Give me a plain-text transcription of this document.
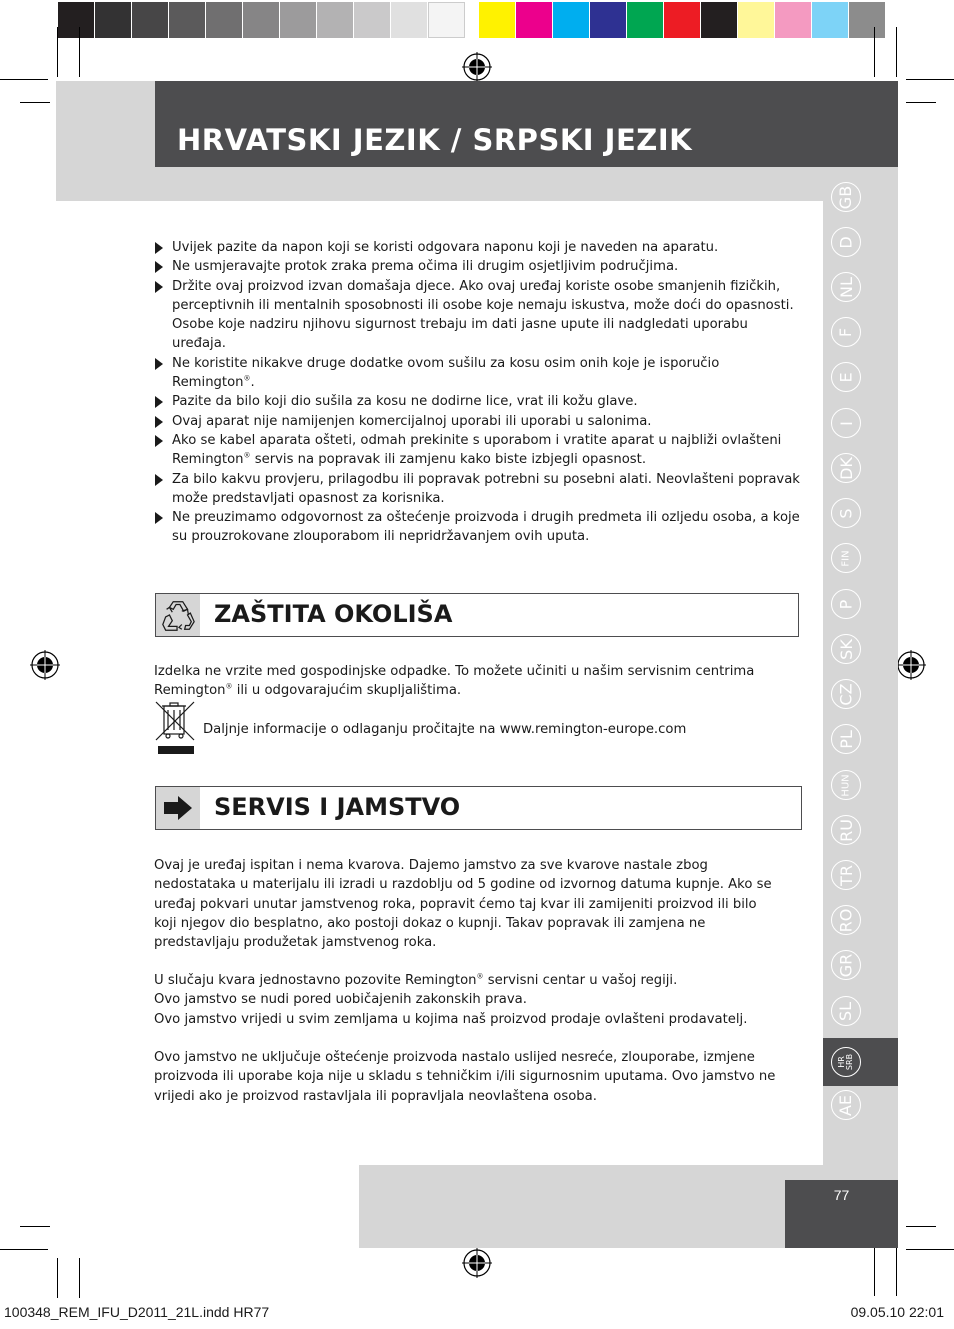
HRVATSKI JEZIK / SRPSKI JEZIK
GB
D
NL
F
E
I
DK
S
FIN
P
SK
CZ
PL
HUN
RU
TR
RO
GR
SL
HR SRB
AE
Uvijek pazite da napon koji se koristi odgovara naponu koji je naveden na aparatu.
Ne usmjeravajte protok zraka prema očima ili drugim osjetljivim područjima.
Držite ovaj proizvod izvan domašaja djece. Ako ovaj uređaj koriste osobe smanjenih fizičkih, perceptivnih ili mentalnih sposobnosti ili osobe koje nemaju iskustva, može doći do opasnosti. Osobe koje nadziru njihovu sigurnost trebaju im dati jasne upute ili nadgledati uporabu uređaja.
Ne koristite nikakve druge dodatke ovom sušilu za kosu osim onih koje je isporučio Remington®.
Pazite da bilo koji dio sušila za kosu ne dodirne lice, vrat ili kožu glave.
Ovaj aparat nije namijenjen komercijalnoj uporabi ili uporabi u salonima.
Ako se kabel aparata ošteti, odmah prekinite s uporabom i vratite aparat u najbliži ovlašteni Remington® servis na popravak ili zamjenu kako biste izbjegli opasnost.
Za bilo kakvu provjeru, prilagodbu ili popravak potrebni su posebni alati. Neovlašteni popravak može predstavljati opasnost za korisnika.
Ne preuzimamo odgovornost za oštećenje proizvoda i drugih predmeta ili ozljedu osoba, a koje su prouzrokovane zlouporabom ili nepridržavanjem ovih uputa.
ZAŠTITA OKOLIŠA

Izdelka ne vrzite med gospodinjske odpadke. To možete učiniti u našim servisnim centrima Remington® ili u odgovarajućim skupljalištima.

Daljnje informacije o odlaganju pročitajte na www.remington-europe.com
SERVIS I JAMSTVO
Ovaj je uređaj ispitan i nema kvarova. Dajemo jamstvo za sve kvarove nastale zbog nedostataka u materijalu ili izradi u razdoblju od 5 godine od izvornog datuma kupnje. Ako se uređaj pokvari unutar jamstvenog roka, popravit ćemo taj kvar ili zamijeniti proizvod ili bilo koji njegov dio besplatno, ako postoji dokaz o kupnji. Takav popravak ili zamjena ne predstavljaju produžetak jamstvenog roka.
U slučaju kvara jednostavno pozovite Remington® servisni centar u vašoj regiji.
Ovo jamstvo se nudi pored uobičajenih zakonskih prava.
Ovo jamstvo vrijedi u svim zemljama u kojima naš proizvod prodaje ovlašteni prodavatelj.
Ovo jamstvo ne uključuje oštećenje proizvoda nastalo uslijed nesreće, zlouporabe, izmjene proizvoda ili uporabe koja nije u skladu s tehničkim i/ili sigurnosnim uputama. Ovo jamstvo ne vrijedi ako je proizvod rastavljala ili popravljala neovlaštena osoba.
77
100348_REM_IFU_D2011_21L.indd HR77	09.05.10 22:01
